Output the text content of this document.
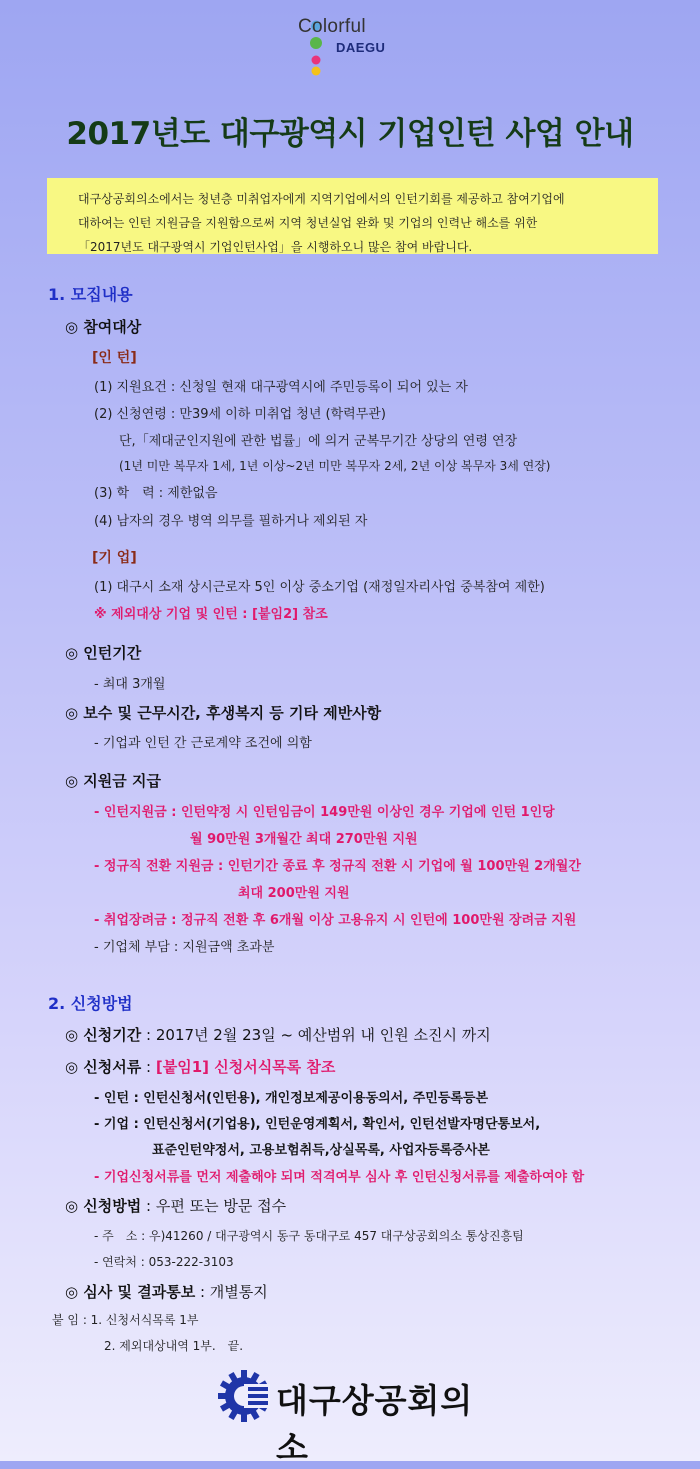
Colorful
DAEGU
2017년도 대구광역시 기업인턴 사업 안내
대구상공회의소에서는 청년층 미취업자에게 지역기업에서의 인턴기회를 제공하고 참여기업에
대하여는 인턴 지원금을 지원함으로써 지역 청년실업 완화 및 기업의 인력난 해소를 위한
「2017년도 대구광역시 기업인턴사업」을 시행하오니 많은 참여 바랍니다.
1. 모집내용
◎ 참여대상
[인 턴]
(1) 지원요건 : 신청일 현재 대구광역시에 주민등록이 되어 있는 자
(2) 신청연령 : 만39세 이하 미취업 청년 (학력무관)
단,「제대군인지원에 관한 법률」에 의거 군복무기간 상당의 연령 연장
(1년 미만 복무자 1세, 1년 이상~2년 미만 복무자 2세, 2년 이상 복무자 3세 연장)
(3) 학　력 : 제한없음
(4) 남자의 경우 병역 의무를 필하거나 제외된 자
[기 업]
(1) 대구시 소재 상시근로자 5인 이상 중소기업 (재정일자리사업 중복참여 제한)
※ 제외대상 기업 및 인턴 : [붙임2] 참조
◎ 인턴기간
- 최대 3개월
◎ 보수 및 근무시간, 후생복지 등 기타 제반사항
- 기업과 인턴 간 근로계약 조건에 의함
◎ 지원금 지급
- 인턴지원금 : 인턴약정 시 인턴임금이 149만원 이상인 경우 기업에 인턴 1인당
월 90만원 3개월간 최대 270만원 지원
- 정규직 전환 지원금 : 인턴기간 종료 후 정규직 전환 시 기업에 월 100만원 2개월간
최대 200만원 지원
- 취업장려금 : 정규직 전환 후 6개월 이상 고용유지 시 인턴에 100만원 장려금 지원
- 기업체 부담 : 지원금액 초과분
2. 신청방법
◎ 신청기간 : 2017년 2월 23일 ~ 예산범위 내 인원 소진시 까지
◎ 신청서류 : [붙임1] 신청서식목록 참조
- 인턴 : 인턴신청서(인턴용), 개인정보제공이용동의서, 주민등록등본
- 기업 : 인턴신청서(기업용), 인턴운영계획서, 확인서, 인턴선발자명단통보서,
표준인턴약정서, 고용보험취득,상실목록, 사업자등록증사본
- 기업신청서류를 먼저 제출해야 되며 적격여부 심사 후 인턴신청서류를 제출하여야 함
◎ 신청방법 : 우편 또는 방문 접수
- 주　소 : 우)41260 / 대구광역시 동구 동대구로 457 대구상공회의소 통상진흥팀
- 연락처 : 053-222-3103
◎ 심사 및 결과통보 : 개별통지
붙 임 : 1. 신청서식목록 1부
2. 제외대상내역 1부.　끝.
대구상공회의소
